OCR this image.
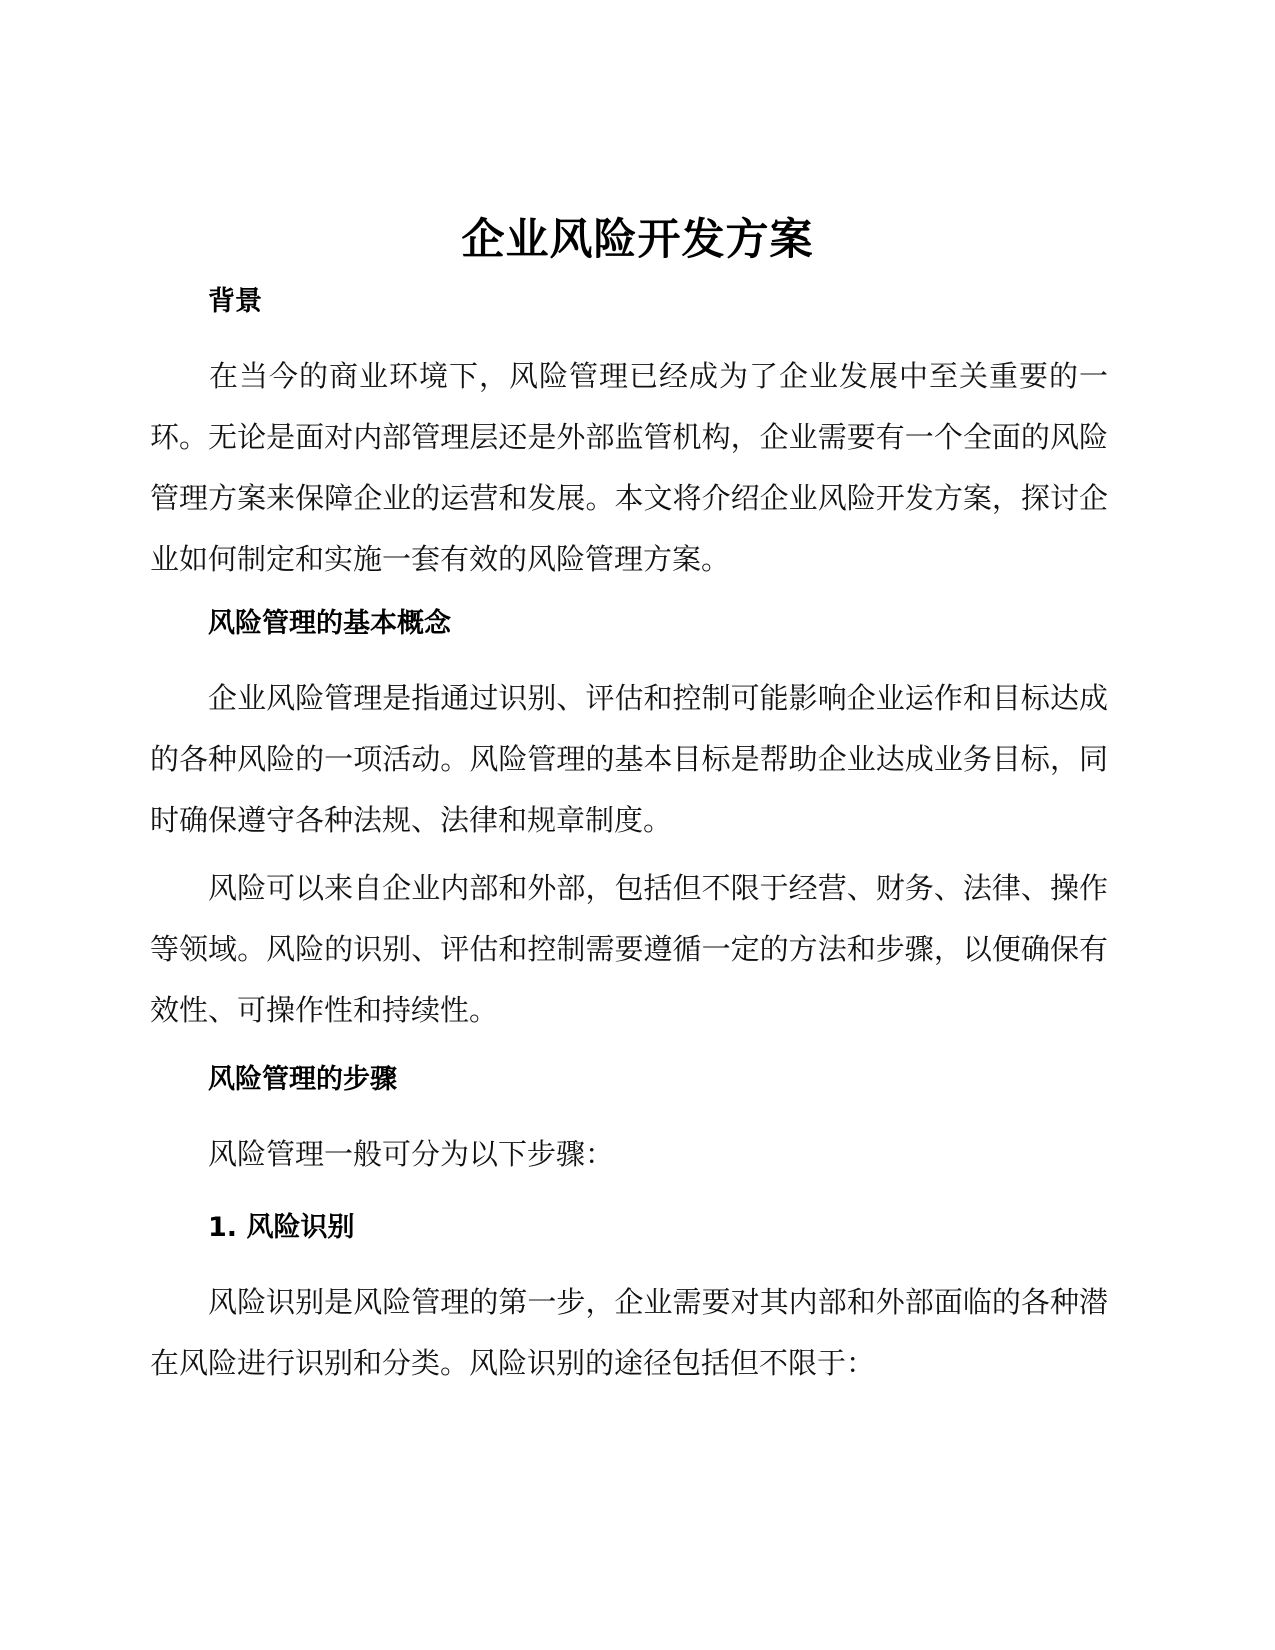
企业风险开发方案
背景
在当今的商业环境下，风险管理已经成为了企业发展中至关重要的一环。无论是面对内部管理层还是外部监管机构，企业需要有一个全面的风险管理方案来保障企业的运营和发展。本文将介绍企业风险开发方案，探讨企业如何制定和实施一套有效的风险管理方案。
风险管理的基本概念
企业风险管理是指通过识别、评估和控制可能影响企业运作和目标达成的各种风险的一项活动。风险管理的基本目标是帮助企业达成业务目标，同时确保遵守各种法规、法律和规章制度。
风险可以来自企业内部和外部，包括但不限于经营、财务、法律、操作等领域。风险的识别、评估和控制需要遵循一定的方法和步骤，以便确保有效性、可操作性和持续性。
风险管理的步骤
风险管理一般可分为以下步骤：
1. 风险识别
风险识别是风险管理的第一步，企业需要对其内部和外部面临的各种潜在风险进行识别和分类。风险识别的途径包括但不限于：
